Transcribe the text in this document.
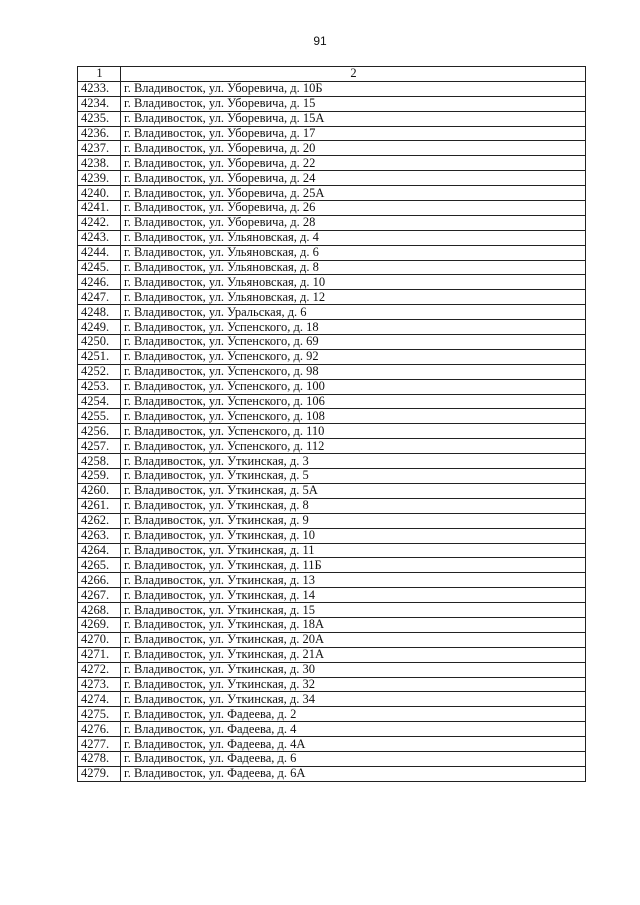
91
1	2
4233.	г. Владивосток, ул. Уборевича, д. 10Б
4234.	г. Владивосток, ул. Уборевича, д. 15
4235.	г. Владивосток, ул. Уборевича, д. 15А
4236.	г. Владивосток, ул. Уборевича, д. 17
4237.	г. Владивосток, ул. Уборевича, д. 20
4238.	г. Владивосток, ул. Уборевича, д. 22
4239.	г. Владивосток, ул. Уборевича, д. 24
4240.	г. Владивосток, ул. Уборевича, д. 25А
4241.	г. Владивосток, ул. Уборевича, д. 26
4242.	г. Владивосток, ул. Уборевича, д. 28
4243.	г. Владивосток, ул. Ульяновская, д. 4
4244.	г. Владивосток, ул. Ульяновская, д. 6
4245.	г. Владивосток, ул. Ульяновская, д. 8
4246.	г. Владивосток, ул. Ульяновская, д. 10
4247.	г. Владивосток, ул. Ульяновская, д. 12
4248.	г. Владивосток, ул. Уральская, д. 6
4249.	г. Владивосток, ул. Успенского, д. 18
4250.	г. Владивосток, ул. Успенского, д. 69
4251.	г. Владивосток, ул. Успенского, д. 92
4252.	г. Владивосток, ул. Успенского, д. 98
4253.	г. Владивосток, ул. Успенского, д. 100
4254.	г. Владивосток, ул. Успенского, д. 106
4255.	г. Владивосток, ул. Успенского, д. 108
4256.	г. Владивосток, ул. Успенского, д. 110
4257.	г. Владивосток, ул. Успенского, д. 112
4258.	г. Владивосток, ул. Уткинская, д. 3
4259.	г. Владивосток, ул. Уткинская, д. 5
4260.	г. Владивосток, ул. Уткинская, д. 5А
4261.	г. Владивосток, ул. Уткинская, д. 8
4262.	г. Владивосток, ул. Уткинская, д. 9
4263.	г. Владивосток, ул. Уткинская, д. 10
4264.	г. Владивосток, ул. Уткинская, д. 11
4265.	г. Владивосток, ул. Уткинская, д. 11Б
4266.	г. Владивосток, ул. Уткинская, д. 13
4267.	г. Владивосток, ул. Уткинская, д. 14
4268.	г. Владивосток, ул. Уткинская, д. 15
4269.	г. Владивосток, ул. Уткинская, д. 18А
4270.	г. Владивосток, ул. Уткинская, д. 20А
4271.	г. Владивосток, ул. Уткинская, д. 21А
4272.	г. Владивосток, ул. Уткинская, д. 30
4273.	г. Владивосток, ул. Уткинская, д. 32
4274.	г. Владивосток, ул. Уткинская, д. 34
4275.	г. Владивосток, ул. Фадеева, д. 2
4276.	г. Владивосток, ул. Фадеева, д. 4
4277.	г. Владивосток, ул. Фадеева, д. 4А
4278.	г. Владивосток, ул. Фадеева, д. 6
4279.	г. Владивосток, ул. Фадеева, д. 6А
